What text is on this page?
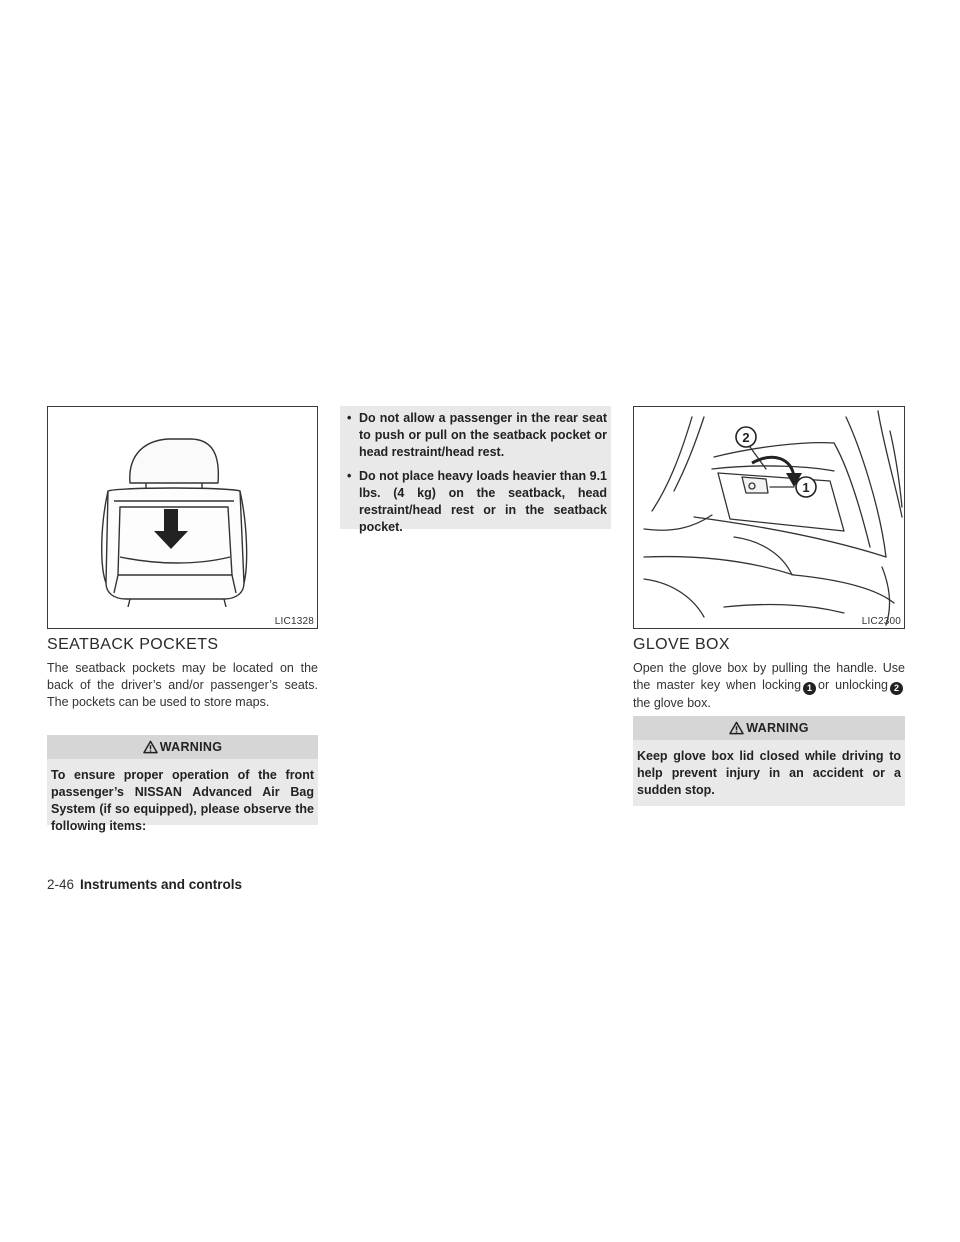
LIC1328
SEATBACK POCKETS
The seatback pockets may be located on the back of the driver’s and/or passenger’s seats. The pockets can be used to store maps.
WARNING
To ensure proper operation of the front passenger’s NISSAN Advanced Air Bag System (if so equipped), please observe the following items:
• Do not allow a passenger in the rear seat to push or pull on the seatback pocket or head restraint/head rest.
• Do not place heavy loads heavier than 9.1 lbs. (4 kg) on the seatback, head restraint/head rest or in the seatback pocket.
2
1
LIC2300
GLOVE BOX
Open the glove box by pulling the handle. Use the master key when locking 1 or unlocking 2the glove box.
WARNING
Keep glove box lid closed while driving to help prevent injury in an accident or a sudden stop.
2-46 Instruments and controls
